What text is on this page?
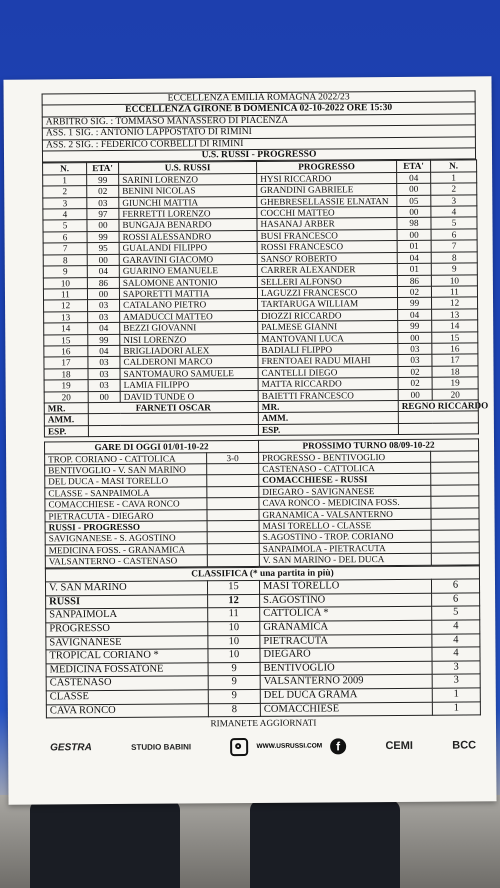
ECCELLENZA EMILIA ROMAGNA 2022/23
ECCELLENZA GIRONE B DOMENICA 02-10-2022 ORE 15:30
ARBITRO SIG. : TOMMASO MANASSERO DI PIACENZA
ASS. 1 SIG. : ANTONIO LAPPOSTATO DI RIMINI
ASS. 2 SIG. : FEDERICO CORBELLI DI RIMINI
U.S. RUSSI - PROGRESSO
N.	ETA'	U.S. RUSSI	PROGRESSO	ETA'	N.
1	99	SARINI LORENZO	HYSI RICCARDO	04	1
2	02	BENINI NICOLAS	GRANDINI GABRIELE	00	2
3	03	GIUNCHI MATTIA	GHEBRESELLASSIE ELNATAN	05	3
4	97	FERRETTI LORENZO	COCCHI MATTEO	00	4
5	00	BUNGAJA BENARDO	HASANAJ ARBER	98	5
6	99	ROSSI ALESSANDRO	BUSI FRANCESCO	00	6
7	95	GUALANDI FILIPPO	ROSSI FRANCESCO	01	7
8	00	GARAVINI GIACOMO	SANSO' ROBERTO	04	8
9	04	GUARINO EMANUELE	CARRER ALEXANDER	01	9
10	86	SALOMONE ANTONIO	SELLERI ALFONSO	86	10
11	00	SAPORETTI MATTIA	LAGUZZI FRANCESCO	02	11
12	03	CATALANO PIETRO	TARTARUGA WILLIAM	99	12
13	03	AMADUCCI MATTEO	DIOZZI RICCARDO	04	13
14	04	BEZZI GIOVANNI	PALMESE GIANNI	99	14
15	99	NISI LORENZO	MANTOVANI LUCA	00	15
16	04	BRIGLIADORI ALEX	BADIALI FLIPPO	03	16
17	03	CALDERONI MARCO	FRENTOAEI RADU MIAHI	03	17
18	03	SANTOMAURO SAMUELE	CANTELLI DIEGO	02	18
19	03	LAMIA FILIPPO	MATTA RICCARDO	02	19
20	00	DAVID TUNDE O	BAIETTI FRANCESCO	00	20
MR.	FARNETI OSCAR		MR.	REGNO RICCARDO	
AMM.			AMM.		
ESP.			ESP.		
GARE DI OGGI 01/01-10-22		PROSSIMO TURNO 08/09-10-22	
TROP. CORIANO - CATTOLICA	3-0	PROGRESSO - BENTIVOGLIO	
BENTIVOGLIO - V. SAN MARINO		CASTENASO - CATTOLICA	
DEL DUCA - MASI TORELLO		COMACCHIESE - RUSSI	
CLASSE - SANPAIMOLA		DIEGARO - SAVIGNANESE	
COMACCHIESE - CAVA RONCO		CAVA RONCO - MEDICINA FOSS.	
PIETRACUTA - DIEGARO		GRANAMICA - VALSANTERNO	
RUSSI - PROGRESSO		MASI TORELLO - CLASSE	
SAVIGNANESE - S. AGOSTINO		S.AGOSTINO - TROP. CORIANO	
MEDICINA FOSS. - GRANAMICA		SANPAIMOLA - PIETRACUTA	
VALSANTERNO - CASTENASO		V. SAN MARINO - DEL DUCA	
CLASSIFICA (* una partita in più)			
V. SAN MARINO	15	MASI TORELLO	6
RUSSI	12	S.AGOSTINO	6
SANPAIMOLA	11	CATTOLICA *	5
PROGRESSO	10	GRANAMICA	4
SAVIGNANESE	10	PIETRACUTA	4
TROPICAL CORIANO *	10	DIEGARO	4
MEDICINA FOSSATONE	9	BENTIVOGLIO	3
CASTENASO	9	VALSANTERNO 2009	3
CLASSE	9	DEL DUCA GRAMA	1
CAVA RONCO	8	COMACCHIESE	1
RIMANETE AGGIORNATI			
GESTRA	STUDIO BABINI	WWW.USRUSSI.COM f	CEMI	BCC
